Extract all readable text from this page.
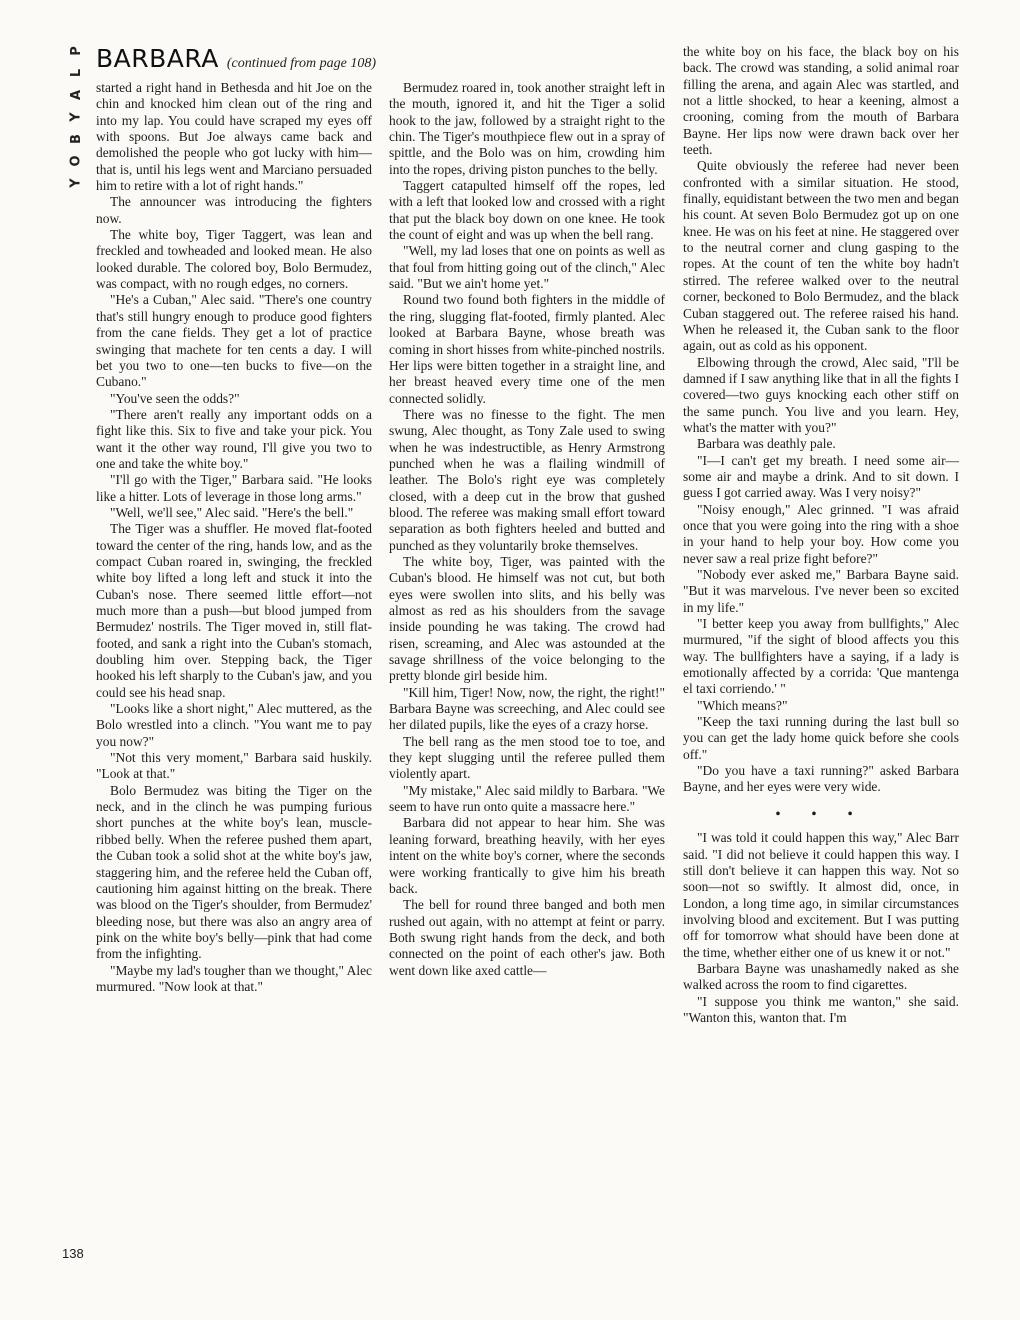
P
L
A
Y
B
O
Y
BARBARA (continued from page 108)

started a right hand in Bethesda and hit Joe on the chin and knocked him clean out of the ring and into my lap. You could have scraped my eyes off with spoons. But Joe always came back and demolished the people who got lucky with him—that is, until his legs went and Marciano persuaded him to retire with a lot of right hands."

The announcer was introducing the fighters now.

The white boy, Tiger Taggert, was lean and freckled and towheaded and looked mean. He also looked durable. The colored boy, Bolo Bermudez, was compact, with no rough edges, no corners.

"He's a Cuban," Alec said. "There's one country that's still hungry enough to produce good fighters from the cane fields. They get a lot of practice swinging that machete for ten cents a day. I will bet you two to one—ten bucks to five—on the Cubano."

"You've seen the odds?"

"There aren't really any important odds on a fight like this. Six to five and take your pick. You want it the other way round, I'll give you two to one and take the white boy."

"I'll go with the Tiger," Barbara said. "He looks like a hitter. Lots of leverage in those long arms."

"Well, we'll see," Alec said. "Here's the bell."

The Tiger was a shuffler. He moved flat-footed toward the center of the ring, hands low, and as the compact Cuban roared in, swinging, the freckled white boy lifted a long left and stuck it into the Cuban's nose. There seemed little effort—not much more than a push—but blood jumped from Bermudez' nostrils. The Tiger moved in, still flat-footed, and sank a right into the Cuban's stomach, doubling him over. Stepping back, the Tiger hooked his left sharply to the Cuban's jaw, and you could see his head snap.

"Looks like a short night," Alec muttered, as the Bolo wrestled into a clinch. "You want me to pay you now?"

"Not this very moment," Barbara said huskily. "Look at that."

Bolo Bermudez was biting the Tiger on the neck, and in the clinch he was pumping furious short punches at the white boy's lean, muscle-ribbed belly. When the referee pushed them apart, the Cuban took a solid shot at the white boy's jaw, staggering him, and the referee held the Cuban off, cautioning him against hitting on the break. There was blood on the Tiger's shoulder, from Bermudez' bleeding nose, but there was also an angry area of pink on the white boy's belly—pink that had come from the infighting.

"Maybe my lad's tougher than we thought," Alec murmured. "Now look at that."

Bermudez roared in, took another straight left in the mouth, ignored it, and hit the Tiger a solid hook to the jaw, followed by a straight right to the chin. The Tiger's mouthpiece flew out in a spray of spittle, and the Bolo was on him, crowding him into the ropes, driving piston punches to the belly.

Taggert catapulted himself off the ropes, led with a left that looked low and crossed with a right that put the black boy down on one knee. He took the count of eight and was up when the bell rang.

"Well, my lad loses that one on points as well as that foul from hitting going out of the clinch," Alec said. "But we ain't home yet."

Round two found both fighters in the middle of the ring, slugging flat-footed, firmly planted. Alec looked at Barbara Bayne, whose breath was coming in short hisses from white-pinched nostrils. Her lips were bitten together in a straight line, and her breast heaved every time one of the men connected solidly.

There was no finesse to the fight. The men swung, Alec thought, as Tony Zale used to swing when he was indestructible, as Henry Armstrong punched when he was a flailing windmill of leather. The Bolo's right eye was completely closed, with a deep cut in the brow that gushed blood. The referee was making small effort toward separation as both fighters heeled and butted and punched as they voluntarily broke themselves.

The white boy, Tiger, was painted with the Cuban's blood. He himself was not cut, but both eyes were swollen into slits, and his belly was almost as red as his shoulders from the savage inside pounding he was taking. The crowd had risen, screaming, and Alec was astounded at the savage shrillness of the voice belonging to the pretty blonde girl beside him.

"Kill him, Tiger! Now, now, the right, the right!" Barbara Bayne was screeching, and Alec could see her dilated pupils, like the eyes of a crazy horse.

The bell rang as the men stood toe to toe, and they kept slugging until the referee pulled them violently apart.

"My mistake," Alec said mildly to Barbara. "We seem to have run onto quite a massacre here."

Barbara did not appear to hear him. She was leaning forward, breathing heavily, with her eyes intent on the white boy's corner, where the seconds were working frantically to give him his breath back.

The bell for round three banged and both men rushed out again, with no attempt at feint or parry. Both swung right hands from the deck, and both connected on the point of each other's jaw. Both went down like axed cattle—

the white boy on his face, the black boy on his back. The crowd was standing, a solid animal roar filling the arena, and again Alec was startled, and not a little shocked, to hear a keening, almost a crooning, coming from the mouth of Barbara Bayne. Her lips now were drawn back over her teeth.

Quite obviously the referee had never been confronted with a similar situation. He stood, finally, equidistant between the two men and began his count. At seven Bolo Bermudez got up on one knee. He was on his feet at nine. He staggered over to the neutral corner and clung gasping to the ropes. At the count of ten the white boy hadn't stirred. The referee walked over to the neutral corner, beckoned to Bolo Bermudez, and the black Cuban staggered out. The referee raised his hand. When he released it, the Cuban sank to the floor again, out as cold as his opponent.

Elbowing through the crowd, Alec said, "I'll be damned if I saw anything like that in all the fights I covered—two guys knocking each other stiff on the same punch. You live and you learn. Hey, what's the matter with you?"

Barbara was deathly pale.

"I—I can't get my breath. I need some air—some air and maybe a drink. And to sit down. I guess I got carried away. Was I very noisy?"

"Noisy enough," Alec grinned. "I was afraid once that you were going into the ring with a shoe in your hand to help your boy. How come you never saw a real prize fight before?"

"Nobody ever asked me," Barbara Bayne said. "But it was marvelous. I've never been so excited in my life."

"I better keep you away from bullfights," Alec murmured, "if the sight of blood affects you this way. The bullfighters have a saying, if a lady is emotionally affected by a corrida: 'Que mantenga el taxi corriendo.' "

"Which means?"

"Keep the taxi running during the last bull so you can get the lady home quick before she cools off."

"Do you have a taxi running?" asked Barbara Bayne, and her eyes were very wide.

• • •

"I was told it could happen this way," Alec Barr said. "I did not believe it could happen this way. I still don't believe it can happen this way. Not so soon—not so swiftly. It almost did, once, in London, a long time ago, in similar circumstances involving blood and excitement. But I was putting off for tomorrow what should have been done at the time, whether either one of us knew it or not."

Barbara Bayne was unashamedly naked as she walked across the room to find cigarettes.

"I suppose you think me wanton," she said. "Wanton this, wanton that. I'm

138
